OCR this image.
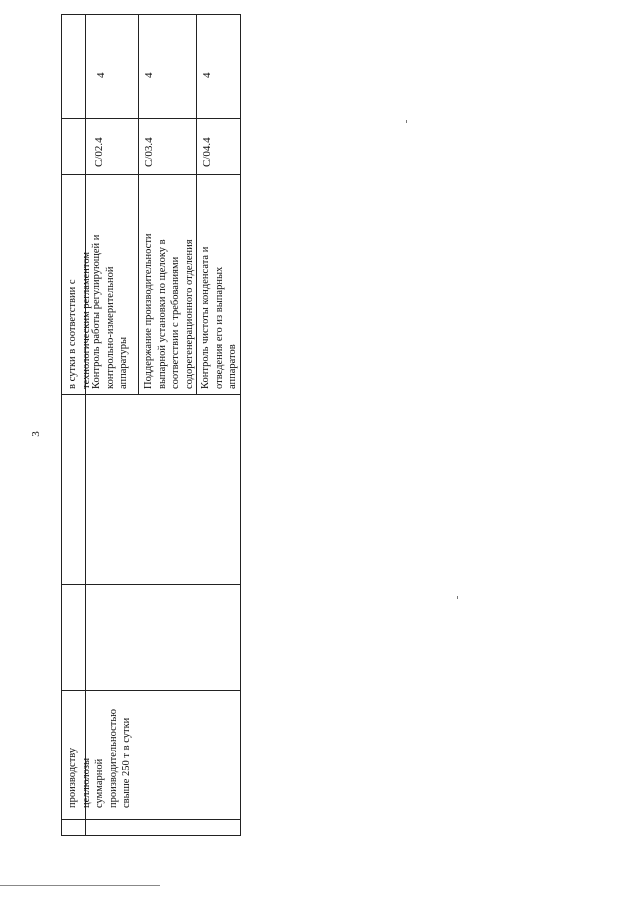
3
производству целлюлозы суммарной производительностью свыше 250 т в сутки
в сутки в соответствии с технологическим регламентом Контроль работы регулирующей и контрольно-измерительной аппаратуры
C/02.4
4
Поддержание производительности выпарной установки по щелоку в соответствии с требованиями содорегенерационного отделения
C/03.4
4
Контроль чистоты конденсата и отведения его из выпарных аппаратов
C/04.4
4
